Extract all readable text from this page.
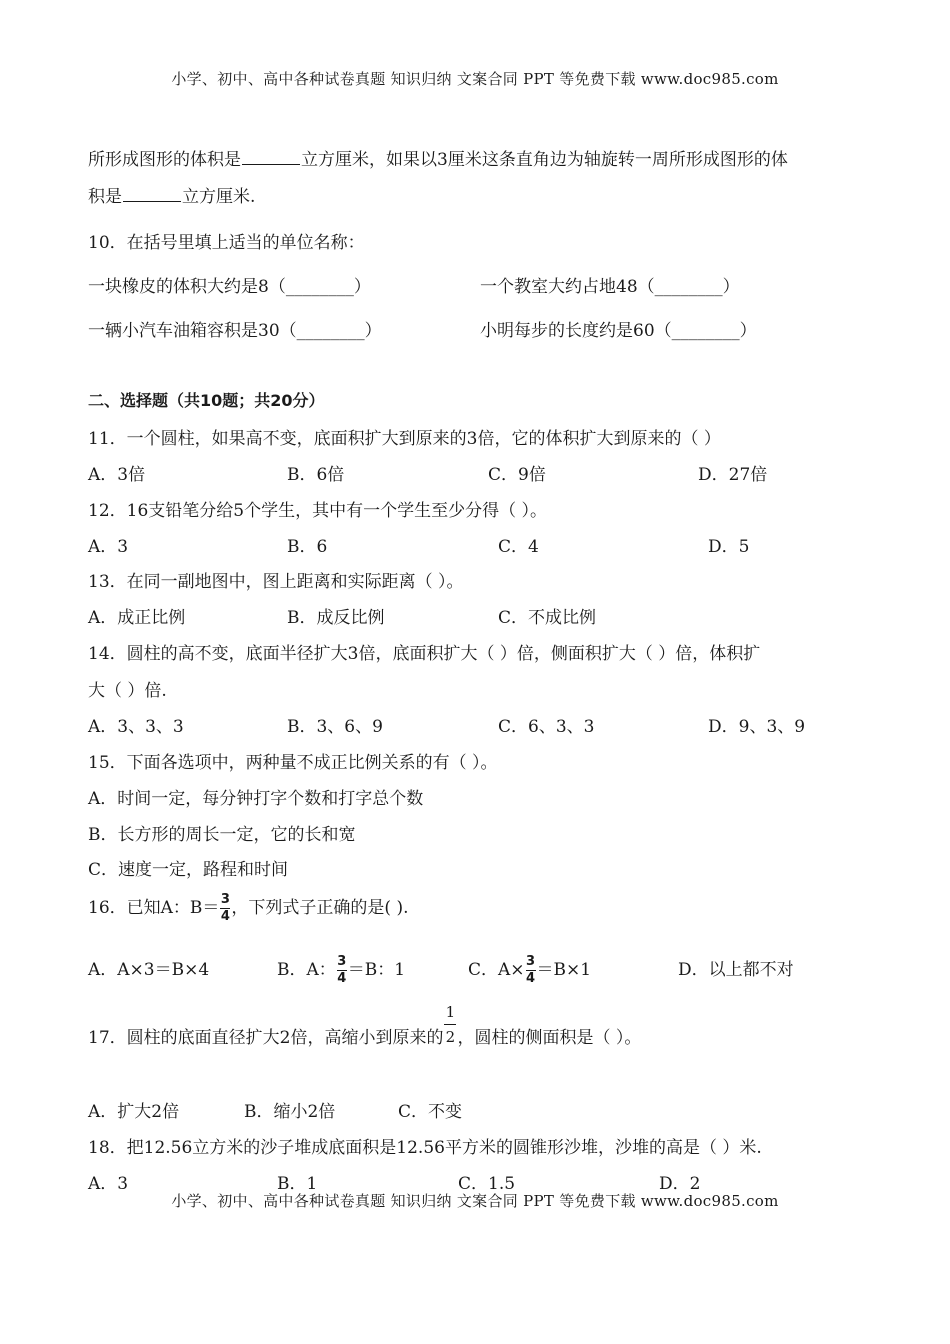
小学、初中、高中各种试卷真题 知识归纳 文案合同 PPT 等免费下载 www.doc985.com
所形成图形的体积是	立方厘米，如果以3厘米这条直角边为轴旋转一周所形成图形的体
积是	立方厘米.
10．在括号里填上适当的单位名称：
一块橡皮的体积大约是8（________）	一个教室大约占地48（________）
一辆小汽车油箱容积是30（________）	小明每步的长度约是60（________）
二、选择题（共10题；共20分）
11．一个圆柱，如果高不变，底面积扩大到原来的3倍，它的体积扩大到原来的（ ）
A．3倍	B．6倍	C．9倍	D．27倍
12．16支铅笔分给5个学生，其中有一个学生至少分得（ ）。
A．3	B．6	C．4	D．5
13．在同一副地图中，图上距离和实际距离（ ）。
A．成正比例	B．成反比例	C．不成比例
14．圆柱的高不变，底面半径扩大3倍，底面积扩大（ ）倍，侧面积扩大（ ）倍，体积扩
大（ ）倍.
A．3、3、3	B．3、6、9	C．6、3、3	D．9、3、9
15．下面各选项中，两种量不成正比例关系的有（ ）。
A．时间一定，每分钟打字个数和打字总个数
B．长方形的周长一定，它的长和宽
C．速度一定，路程和时间
16．已知A：$B= \frac{3}{4}$ ，下列式子正确的是( ).
A．A×3＝B×4	B．A： $\frac{3}{4} =B$：1	C．$A\times \frac{3}{4} =B\times 1$	D．以上都不对
17．圆柱的底面直径扩大2倍，高缩小到原来的 $\frac{1}{2}$ ，圆柱的侧面积是（ ）。
A．扩大2倍	B．缩小2倍	C．不变
18．把12.56立方米的沙子堆成底面积是12.56平方米的圆锥形沙堆，沙堆的高是（ ）米.
A．3	B．1	C．1.5	D．2
小学、初中、高中各种试卷真题 知识归纳 文案合同 PPT 等免费下载 www.doc985.com
